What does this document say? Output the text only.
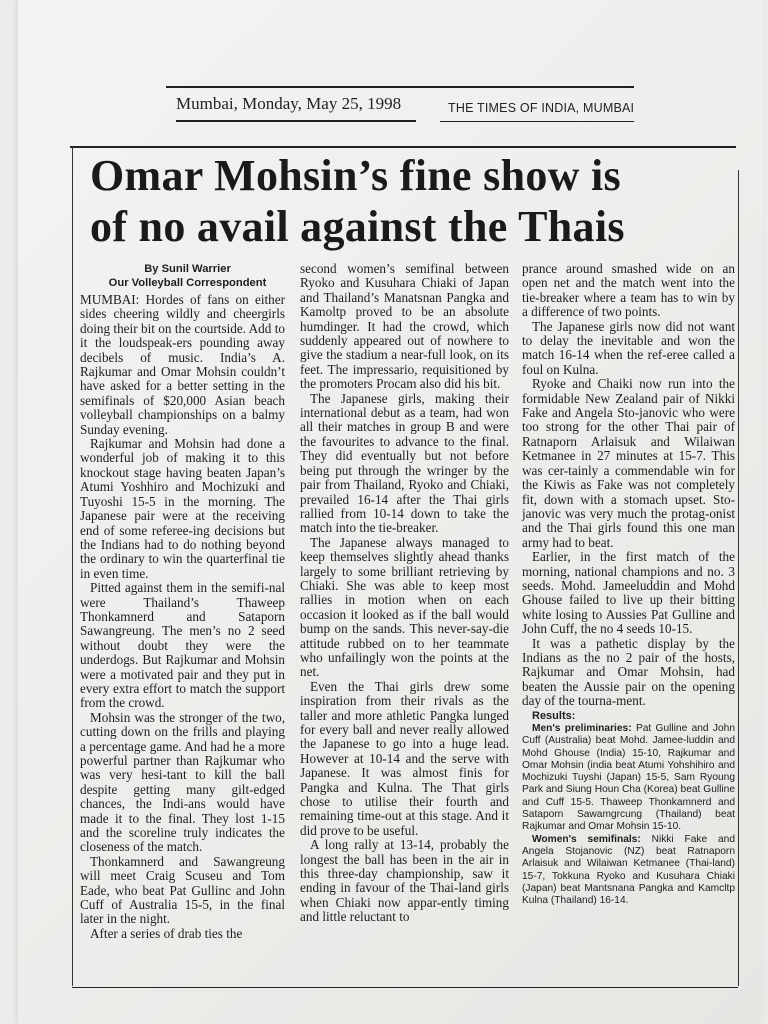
Mumbai, Monday, May 25, 1998	THE TIMES OF INDIA, MUMBAI
Omar Mohsin’s fine show is
of no avail against the Thais

By Sunil Warrier

Our Volleyball Correspondent

MUMBAI: Hordes of fans on either sides cheering wildly and cheergirls doing their bit on the courtside. Add to it the loudspeak-ers pounding away decibels of music. India’s A. Rajkumar and Omar Mohsin couldn’t have asked for a better setting in the semifinals of $20,000 Asian beach volleyball championships on a balmy Sunday evening.

Rajkumar and Mohsin had done a wonderful job of making it to this knockout stage having beaten Japan’s Atumi Yoshhiro and Mochizuki and Tuyoshi 15-5 in the morning. The Japanese pair were at the receiving end of some referee-ing decisions but the Indians had to do nothing beyond the ordinary to win the quarterfinal tie in even time.

Pitted against them in the semifi-nal were Thailand’s Thaweep Thonkamnerd and Sataporn Sawangreung. The men’s no 2 seed without doubt they were the underdogs. But Rajkumar and Mohsin were a motivated pair and they put in every extra effort to match the support from the crowd.

Mohsin was the stronger of the two, cutting down on the frills and playing a percentage game. And had he a more powerful partner than Rajkumar who was very hesi-tant to kill the ball despite getting many gilt-edged chances, the Indi-ans would have made it to the final. They lost 1-15 and the scoreline truly indicates the closeness of the match.

Thonkamnerd and Sawangreung will meet Craig Scuseu and Tom Eade, who beat Pat Gullinc and John Cuff of Australia 15-5, in the final later in the night.

After a series of drab ties the

second women’s semifinal between Ryoko and Kusuhara Chiaki of Japan and Thailand’s Manatsnan Pangka and Kamoltp proved to be an absolute humdinger. It had the crowd, which suddenly appeared out of nowhere to give the stadium a near-full look, on its feet. The impressario, requisitioned by the promoters Procam also did his bit.

The Japanese girls, making their international debut as a team, had won all their matches in group B and were the favourites to advance to the final. They did eventually but not before being put through the wringer by the pair from Thailand, Ryoko and Chiaki, prevailed 16-14 after the Thai girls rallied from 10-14 down to take the match into the tie-breaker.

The Japanese always managed to keep themselves slightly ahead thanks largely to some brilliant retrieving by Chiaki. She was able to keep most rallies in motion when on each occasion it looked as if the ball would bump on the sands. This never-say-die attitude rubbed on to her teammate who unfailingly won the points at the net.

Even the Thai girls drew some inspiration from their rivals as the taller and more athletic Pangka lunged for every ball and never really allowed the Japanese to go into a huge lead. However at 10-14 and the serve with Japanese. It was almost finis for Pangka and Kulna. The That girls chose to utilise their fourth and remaining time-out at this stage. And it did prove to be useful.

A long rally at 13-14, probably the longest the ball has been in the air in this three-day championship, saw it ending in favour of the Thai-land girls when Chiaki now appar-ently timing and little reluctant to

prance around smashed wide on an open net and the match went into the tie-breaker where a team has to win by a difference of two points.

The Japanese girls now did not want to delay the inevitable and won the match 16-14 when the ref-eree called a foul on Kulna.

Ryoke and Chaiki now run into the formidable New Zealand pair of Nikki Fake and Angela Sto-janovic who were too strong for the other Thai pair of Ratnaporn Arlaisuk and Wilaiwan Ketmanee in 27 minutes at 15-7. This was cer-tainly a commendable win for the Kiwis as Fake was not completely fit, down with a stomach upset. Sto-janovic was very much the protag-onist and the Thai girls found this one man army had to beat.

Earlier, in the first match of the morning, national champions and no. 3 seeds. Mohd. Jameeluddin and Mohd Ghouse failed to live up their bitting white losing to Aussies Pat Gulline and John Cuff, the no 4 seeds 10-15.

It was a pathetic display by the Indians as the no 2 pair of the hosts, Rajkumar and Omar Mohsin, had beaten the Aussie pair on the opening day of the tourna-ment.

Results:

Men's preliminaries: Pat Gulline and John Cuff (Australia) beat Mohd. Jamee-luddin and Mohd Ghouse (India) 15-10, Rajkumar and Omar Mohsin (india beat Atumi Yohshihiro and Mochizuki Tuyshi (Japan) 15-5, Sam Ryoung Park and Siung Houn Cha (Korea) beat Gulline and Cuff 15-5. Thaweep Thonkamnerd and Sataporn Sawamgrcung (Thailand) beat Rajkumar and Omar Mohsin 15-10.

Women's semifinals: Nikki Fake and Angela Stojanovic (NZ) beat Ratnaporn Arlaisuk and Wilaiwan Ketmanee (Thai-land) 15-7, Tokkuna Ryoko and Kusuhara Chiaki (Japan) beat Mantsnana Pangka and Kamcltp Kulna (Thailand) 16-14.
